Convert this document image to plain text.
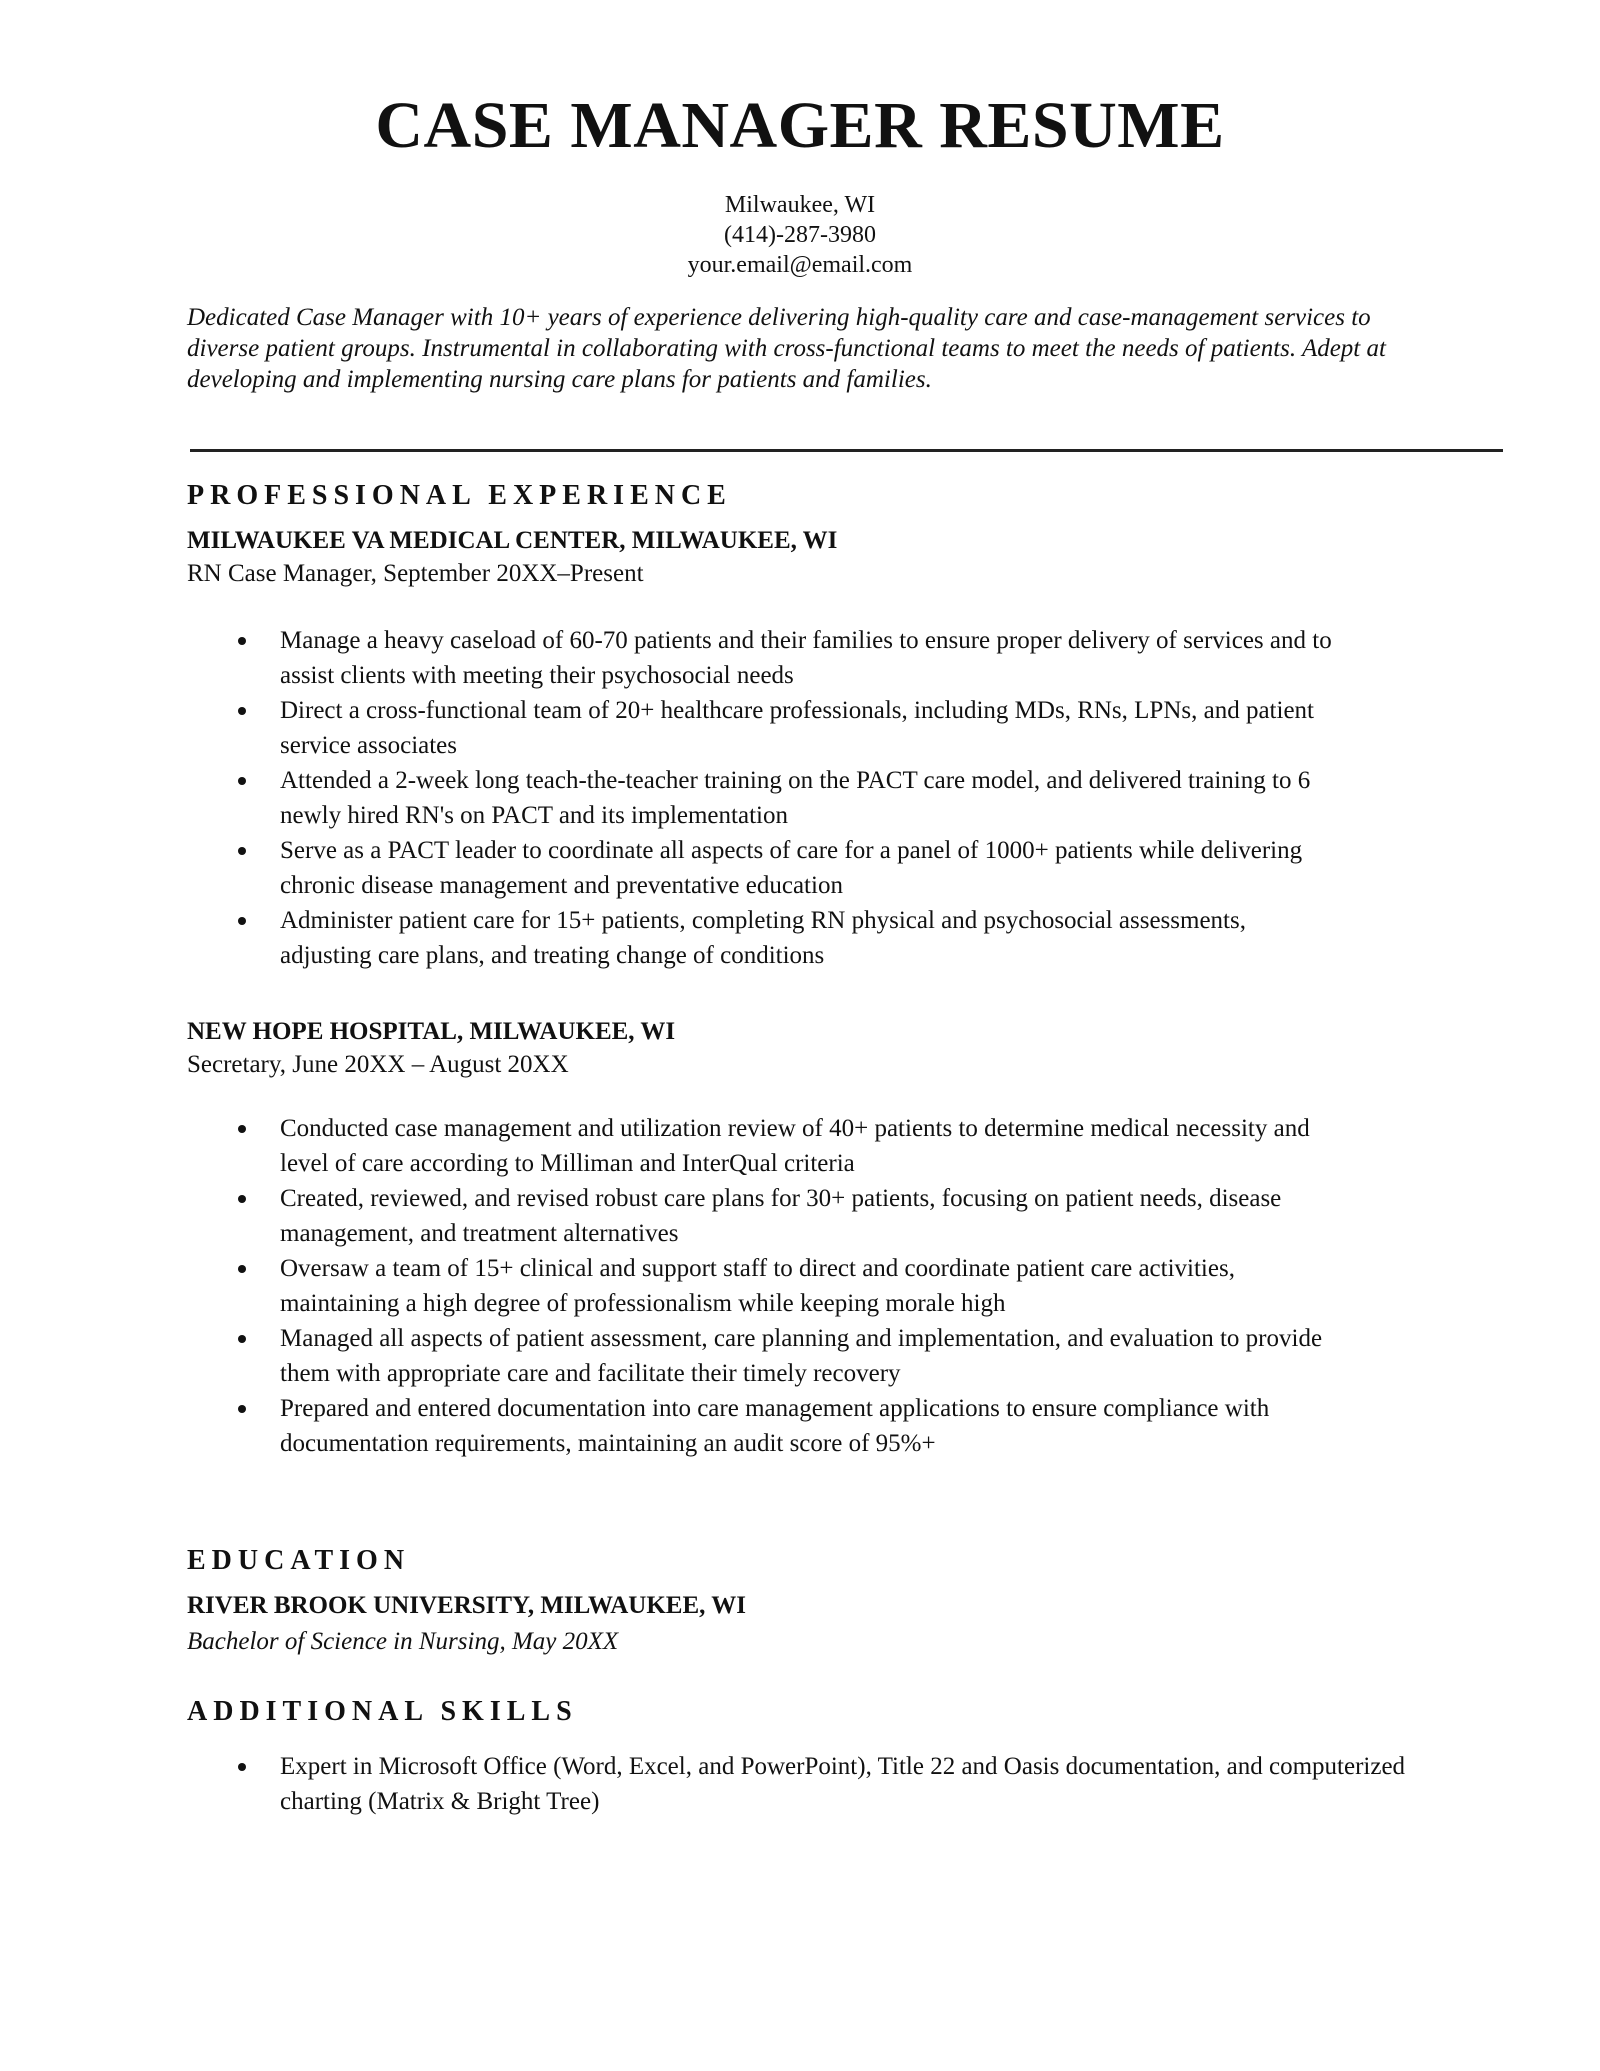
CASE MANAGER RESUME
Milwaukee, WI
(414)-287-3980
your.email@email.com

Dedicated Case Manager with 10+ years of experience delivering high-quality care and case-management services to diverse patient groups. Instrumental in collaborating with cross-functional teams to meet the needs of patients. Adept at developing and implementing nursing care plans for patients and families.

PROFESSIONAL EXPERIENCE
MILWAUKEE VA MEDICAL CENTER, MILWAUKEE, WI
RN Case Manager, September 20XX–Present
Manage a heavy caseload of 60-70 patients and their families to ensure proper delivery of services and to assist clients with meeting their psychosocial needs
Direct a cross-functional team of 20+ healthcare professionals, including MDs, RNs, LPNs, and patient service associates
Attended a 2-week long teach-the-teacher training on the PACT care model, and delivered training to 6 newly hired RN's on PACT and its implementation
Serve as a PACT leader to coordinate all aspects of care for a panel of 1000+ patients while delivering chronic disease management and preventative education
Administer patient care for 15+ patients, completing RN physical and psychosocial assessments, adjusting care plans, and treating change of conditions
NEW HOPE HOSPITAL, MILWAUKEE, WI
Secretary, June 20XX – August 20XX
Conducted case management and utilization review of 40+ patients to determine medical necessity and level of care according to Milliman and InterQual criteria
Created, reviewed, and revised robust care plans for 30+ patients, focusing on patient needs, disease management, and treatment alternatives
Oversaw a team of 15+ clinical and support staff to direct and coordinate patient care activities, maintaining a high degree of professionalism while keeping morale high
Managed all aspects of patient assessment, care planning and implementation, and evaluation to provide them with appropriate care and facilitate their timely recovery
Prepared and entered documentation into care management applications to ensure compliance with documentation requirements, maintaining an audit score of 95%+
EDUCATION
RIVER BROOK UNIVERSITY, MILWAUKEE, WI
Bachelor of Science in Nursing, May 20XX
ADDITIONAL SKILLS
Expert in Microsoft Office (Word, Excel, and PowerPoint), Title 22 and Oasis documentation, and computerized charting (Matrix & Bright Tree)
